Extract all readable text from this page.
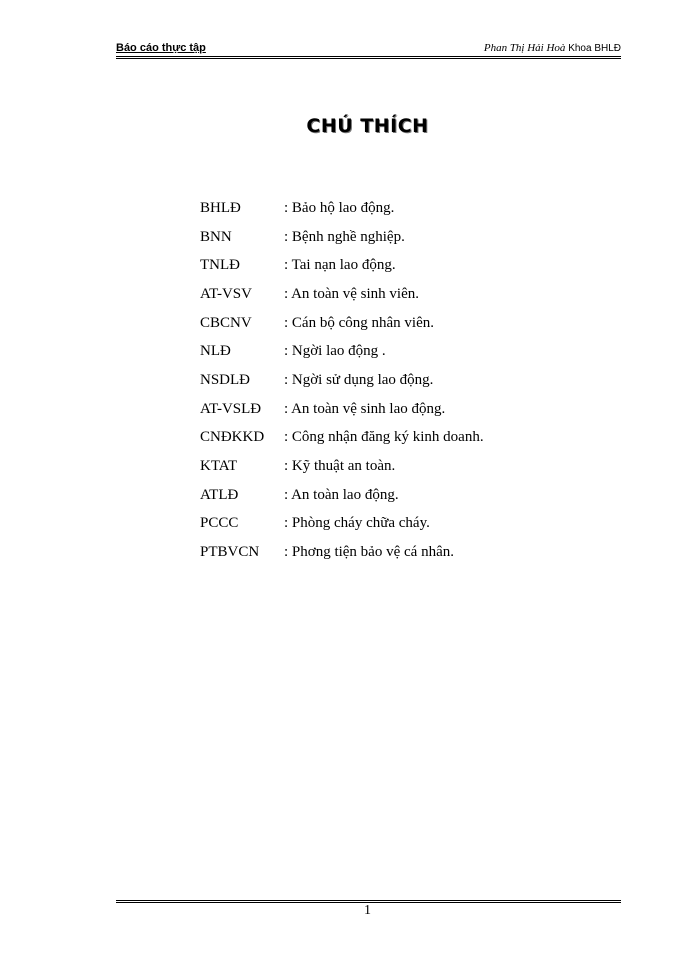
Báo cáo thực tập	Phan Thị Hải Hoà Khoa BHLĐ
CHÚ THÍCH
BHLĐ	: Bảo hộ lao động.
BNN	: Bệnh nghề nghiệp.
TNLĐ	: Tai nạn lao động.
AT-VSV	: An toàn vệ sinh viên.
CBCNV	: Cán bộ công nhân viên.
NLĐ	: Ngời lao động .
NSDLĐ	: Ngời sử dụng lao động.
AT-VSLĐ	: An toàn vệ sinh lao động.
CNĐKKD	: Công nhận đăng ký kinh doanh.
KTAT	: Kỹ thuật an toàn.
ATLĐ	: An toàn lao động.
PCCC	: Phòng cháy chữa cháy.
PTBVCN	: Phơng tiện bảo vệ cá nhân.
1
